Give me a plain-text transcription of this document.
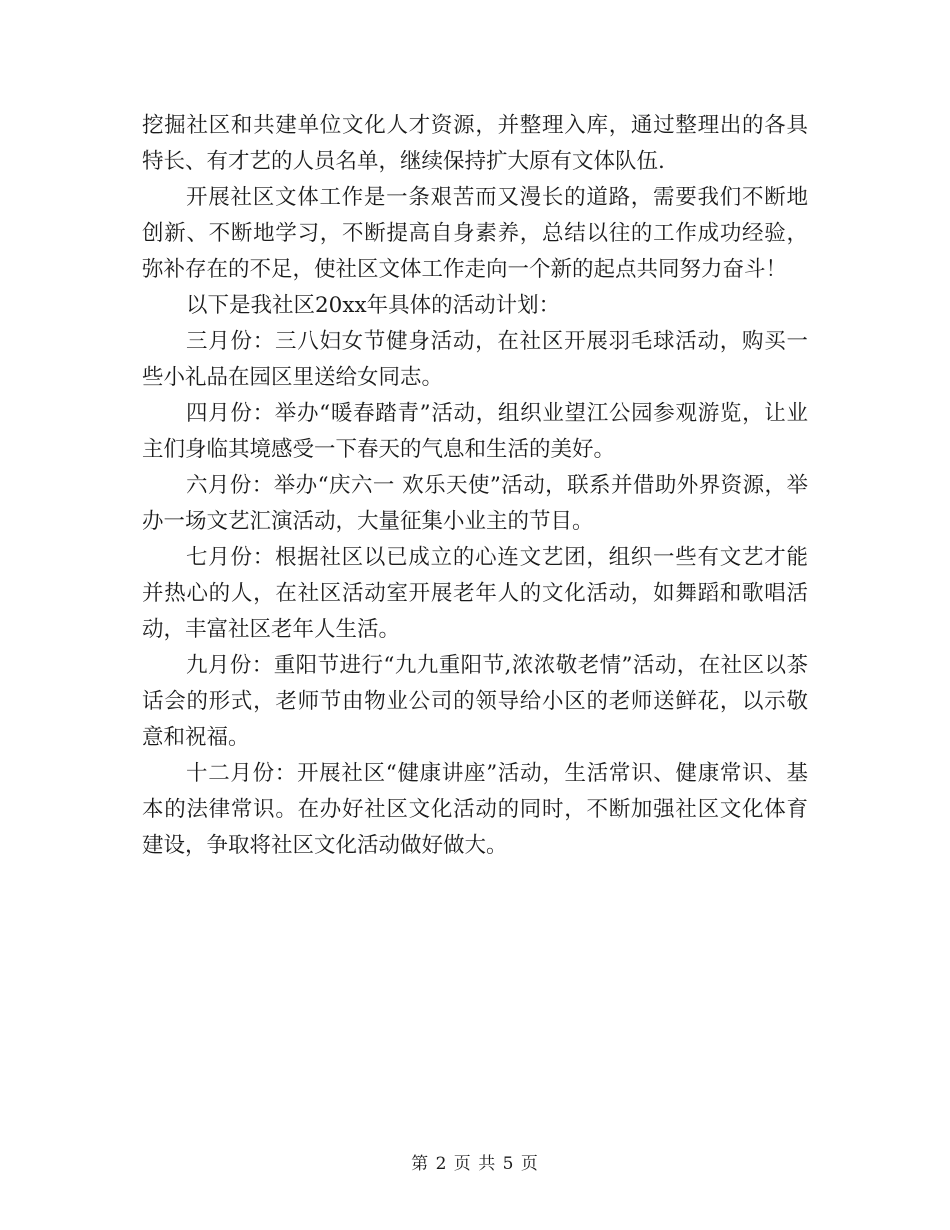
挖掘社区和共建单位文化人才资源，并整理入库，通过整理出的各具特长、有才艺的人员名单，继续保持扩大原有文体队伍.

开展社区文体工作是一条艰苦而又漫长的道路，需要我们不断地创新、不断地学习，不断提高自身素养，总结以往的工作成功经验，弥补存在的不足，使社区文体工作走向一个新的起点共同努力奋斗！

以下是我社区20xx年具体的活动计划：

三月份：三八妇女节健身活动，在社区开展羽毛球活动，购买一些小礼品在园区里送给女同志。

四月份：举办“暖春踏青”活动，组织业望江公园参观游览，让业主们身临其境感受一下春天的气息和生活的美好。

六月份：举办“庆六一 欢乐天使”活动，联系并借助外界资源，举办一场文艺汇演活动，大量征集小业主的节目。

七月份：根据社区以已成立的心连文艺团，组织一些有文艺才能并热心的人，在社区活动室开展老年人的文化活动，如舞蹈和歌唱活动，丰富社区老年人生活。

九月份：重阳节进行“九九重阳节,浓浓敬老情”活动，在社区以茶话会的形式，老师节由物业公司的领导给小区的老师送鲜花，以示敬意和祝福。

十二月份：开展社区“健康讲座”活动，生活常识、健康常识、基本的法律常识。在办好社区文化活动的同时，不断加强社区文化体育建设，争取将社区文化活动做好做大。

第 2 页 共 5 页
